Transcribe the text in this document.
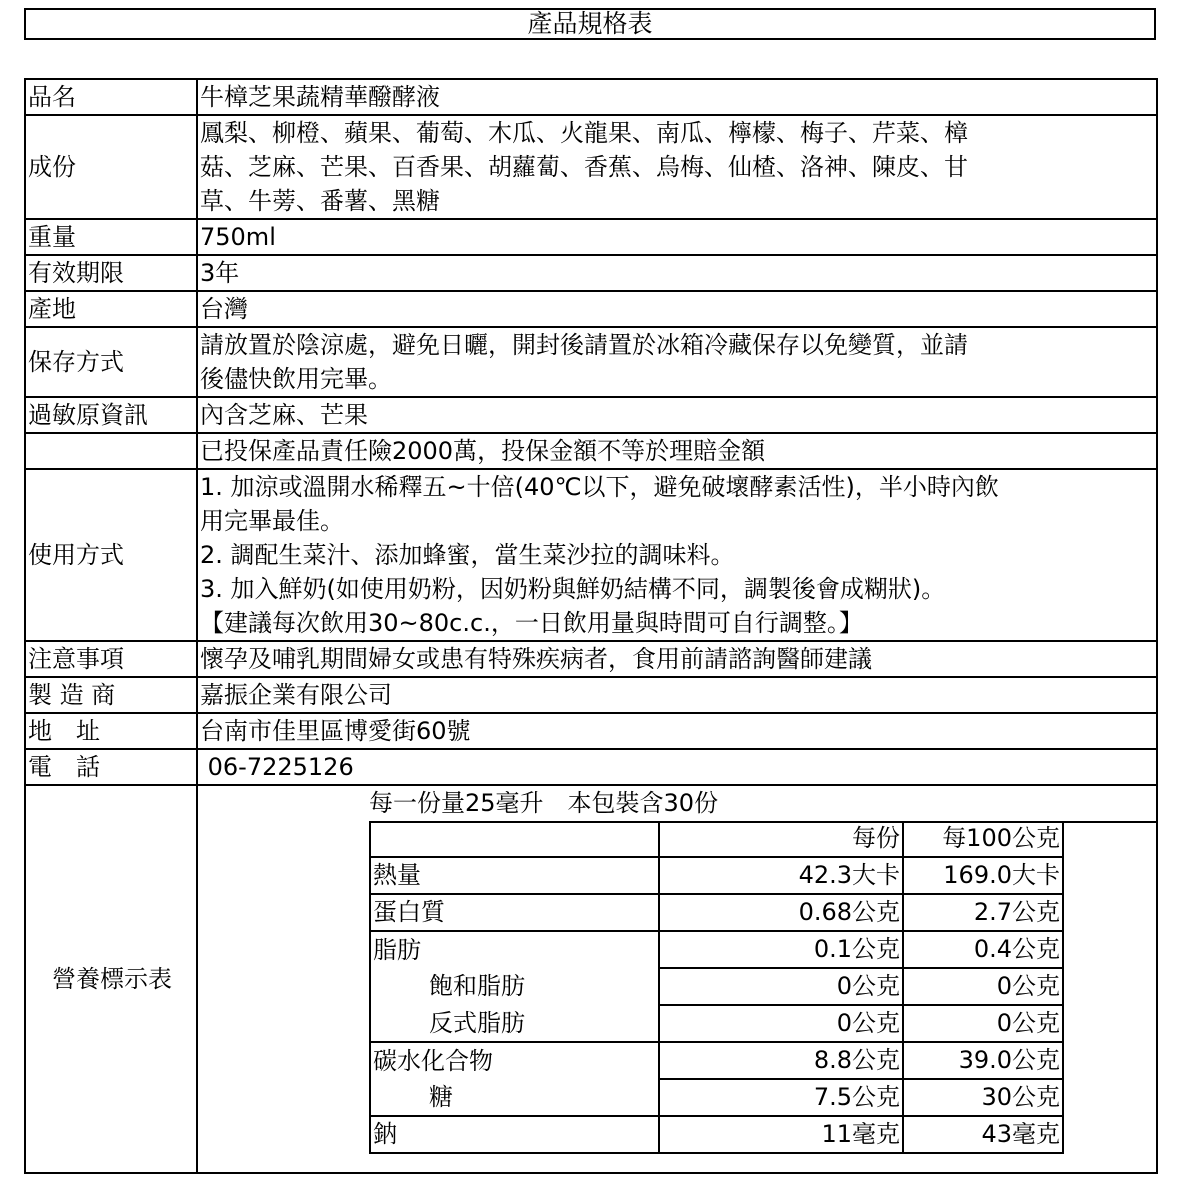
產品規格表
品名	牛樟芝果蔬精華醱酵液
成份	
鳳梨、柳橙、蘋果、葡萄、木瓜、火龍果、南瓜、檸檬、梅子、芹菜、樟
菇、芝麻、芒果、百香果、胡蘿蔔、香蕉、烏梅、仙楂、洛神、陳皮、甘
草、牛蒡、番薯、黑糖

重量	750ml
有效期限	3年
產地	台灣
保存方式	
請放置於陰涼處，避免日曬，開封後請置於冰箱冷藏保存以免變質，並請
後儘快飲用完畢。

過敏原資訊	內含芝麻、芒果
	已投保產品責任險2000萬，投保金額不等於理賠金額
使用方式	
1. 加涼或溫開水稀釋五~十倍(40℃以下，避免破壞酵素活性)，半小時內飲
用完畢最佳。
2. 調配生菜汁、添加蜂蜜，當生菜沙拉的調味料。
3. 加入鮮奶(如使用奶粉，因奶粉與鮮奶結構不同，調製後會成糊狀)。
【建議每次飲用30~80c.c.，一日飲用量與時間可自行調整。】

注意事項	懷孕及哺乳期間婦女或患有特殊疾病者，食用前請諮詢醫師建議
製 造 商	嘉振企業有限公司
地　址	台南市佳里區博愛街60號
電　話	06-7225126

營養標示表

每一份量25毫升　本包裝含30份
	每份	每100公克
熱量	42.3大卡	169.0大卡
蛋白質	0.68公克	2.7公克
脂肪	0.1公克	0.4公克
飽和脂肪	0公克	0公克
反式脂肪	0公克	0公克
碳水化合物	8.8公克	39.0公克
糖	7.5公克	30公克
鈉	11毫克	43毫克
